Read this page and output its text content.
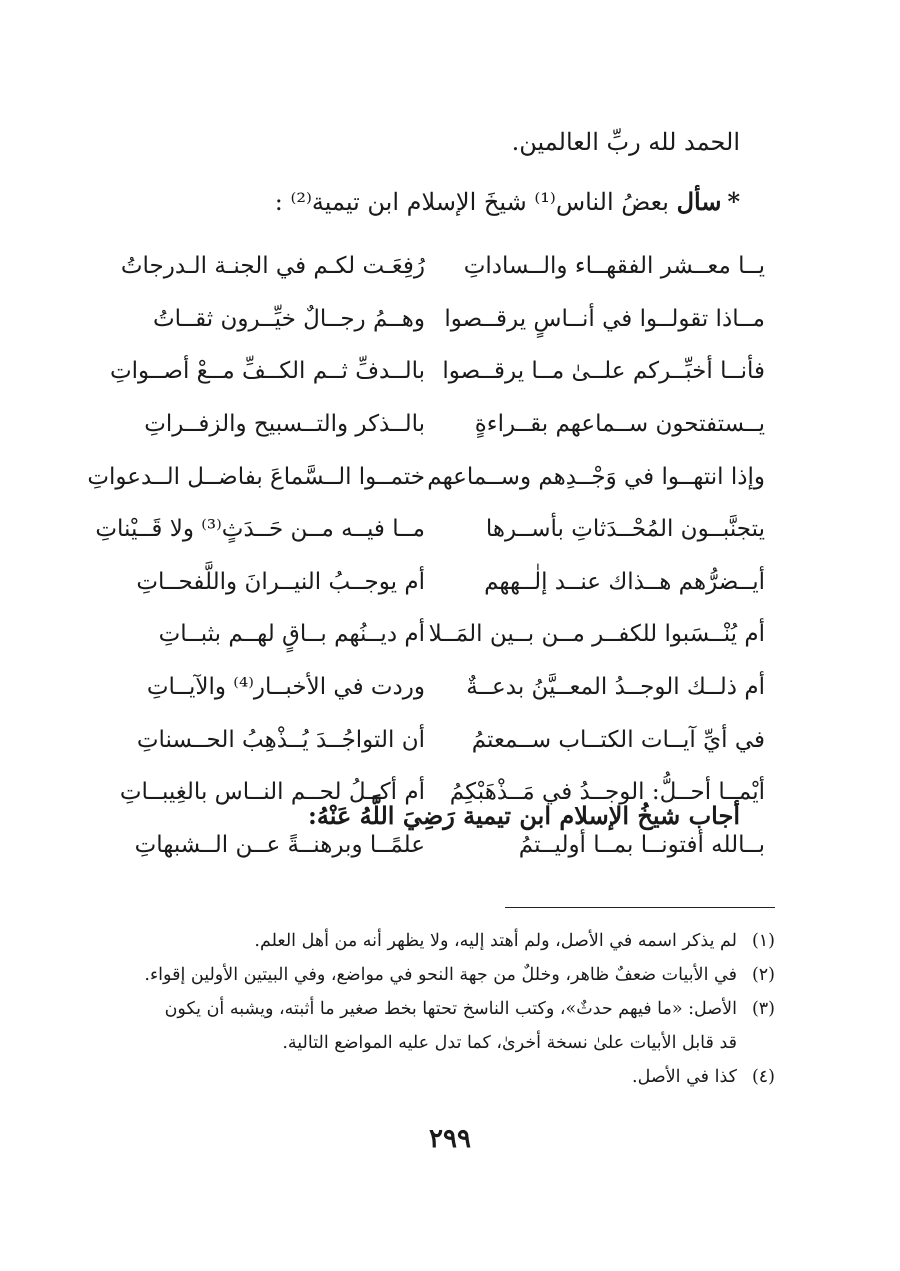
الحمد لله ربِّ العالمين.
*سأل بعضُ الناس⁽¹⁾ شيخَ الإسلام ابن تيمية⁽²⁾ :
يــا معــشر الفقهــاء والــساداتِ
رُفِعَـت لكـم في الجنـة الـدرجاتُ
مــاذا تقولــوا في أنــاسٍ يرقــصوا
وهــمُ رجــالٌ خيِّــرون ثقــاتُ
فأنــا أخبِّــركم علــىٰ مــا يرقــصوا
بالــدفِّ ثــم الكــفِّ مــعْ أصــواتِ
يــستفتحون ســماعهم بقــراءةٍ
بالــذكر والتــسبيح والزفــراتِ
وإذا انتهــوا في وَجْــدِهم وســماعهم
ختمــوا الــسَّماعَ بفاضــل الــدعواتِ
يتجنَّبــون المُحْــدَثاتِ بأســرها
مــا فيــه مــن حَــدَثٍ⁽³⁾ ولا قَــيْناتِ
أيــضرُّهم هــذاك عنــد إلٰــههم
أم يوجــبُ النيــرانَ واللَّفحــاتِ
أم يُنْــسَبوا للكفــر مــن بــين المَــلا
أم ديــنُهم بــاقٍ لهــم بثبــاتِ
أم ذلــك الوجــدُ المعــيَّنُ بدعــةٌ
وردت في الأخبــار⁽⁴⁾ والآيــاتِ
في أيِّ آيــات الكتــاب ســمعتمُ
أن التواجُــدَ يُــذْهِبُ الحــسناتِ
أيْمــا أحــلُّ: الوجــدُ في مَــذْهَبْكِمُ
أم أكــلُ لحــم النــاس بالغِيبــاتِ
بــالله أفتونــا بمــا أوليــتمُ
علمًــا وبرهنــةً عــن الــشبهاتِ
أجاب شيخُ الإسلام ابن تيمية رَضِيَ اللَّهُ عَنْهُ:
(١)
لم يذكر اسمه في الأصل، ولم أهتد إليه، ولا يظهر أنه من أهل العلم.
(٢)
في الأبيات ضعفٌ ظاهر، وخللٌ من جهة النحو في مواضع، وفي البيتين الأولين إقواء.
(٣)
الأصل: «ما فيهم حدثٌ»، وكتب الناسخ تحتها بخط صغير ما أثبته، ويشبه أن يكون
قد قابل الأبيات علىٰ نسخة أخرىٰ، كما تدل عليه المواضع التالية.
(٤)
كذا في الأصل.
٢٩٩
